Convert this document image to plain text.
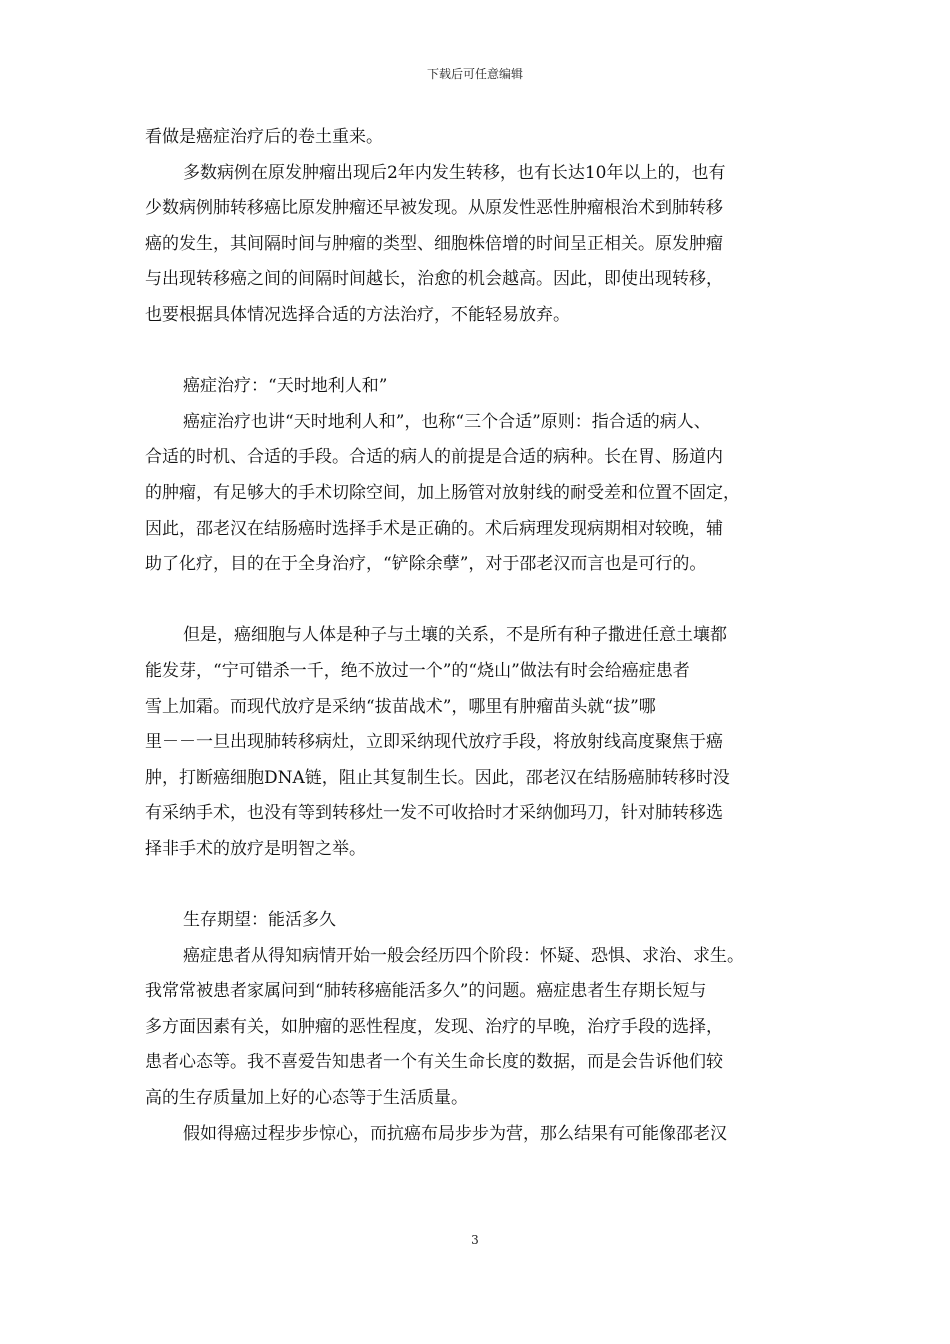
下载后可任意编辑
看做是癌症治疗后的卷土重来。
多数病例在原发肿瘤出现后2年内发生转移，也有长达10年以上的，也有
少数病例肺转移癌比原发肿瘤还早被发现。从原发性恶性肿瘤根治术到肺转移
癌的发生，其间隔时间与肿瘤的类型、细胞株倍增的时间呈正相关。原发肿瘤
与出现转移癌之间的间隔时间越长，治愈的机会越高。因此，即使出现转移，
也要根据具体情况选择合适的方法治疗，不能轻易放弃。
癌症治疗：“天时地利人和”
癌症治疗也讲“天时地利人和”，也称“三个合适”原则：指合适的病人、
合适的时机、合适的手段。合适的病人的前提是合适的病种。长在胃、肠道内
的肿瘤，有足够大的手术切除空间，加上肠管对放射线的耐受差和位置不固定，
因此，邵老汉在结肠癌时选择手术是正确的。术后病理发现病期相对较晚，辅
助了化疗，目的在于全身治疗，“铲除余孽”，对于邵老汉而言也是可行的。
但是，癌细胞与人体是种子与土壤的关系，不是所有种子撒进任意土壤都
能发芽，“宁可错杀一千，绝不放过一个”的“烧山”做法有时会给癌症患者
雪上加霜。而现代放疗是采纳“拔苗战术”，哪里有肿瘤苗头就“拔”哪
里－－一旦出现肺转移病灶，立即采纳现代放疗手段，将放射线高度聚焦于癌
肿，打断癌细胞DNA链，阻止其复制生长。因此，邵老汉在结肠癌肺转移时没
有采纳手术，也没有等到转移灶一发不可收拾时才采纳伽玛刀，针对肺转移选
择非手术的放疗是明智之举。
生存期望：能活多久
癌症患者从得知病情开始一般会经历四个阶段：怀疑、恐惧、求治、求生。
我常常被患者家属问到“肺转移癌能活多久”的问题。癌症患者生存期长短与
多方面因素有关，如肿瘤的恶性程度，发现、治疗的早晚，治疗手段的选择，
患者心态等。我不喜爱告知患者一个有关生命长度的数据，而是会告诉他们较
高的生存质量加上好的心态等于生活质量。
假如得癌过程步步惊心，而抗癌布局步步为营，那么结果有可能像邵老汉
3
